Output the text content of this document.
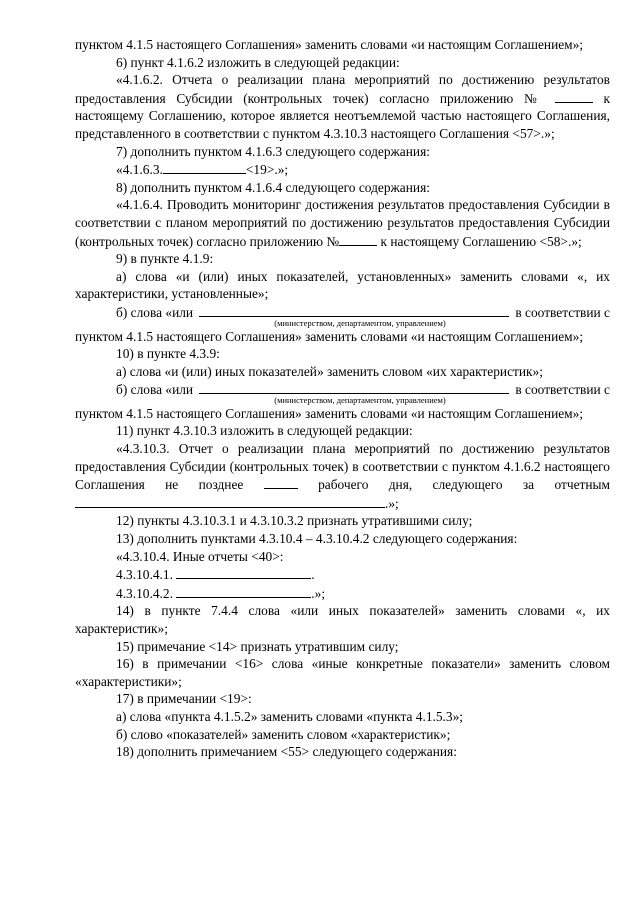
пунктом 4.1.5 настоящего Соглашения» заменить словами «и настоящим Соглашением»;

6) пункт 4.1.6.2 изложить в следующей редакции:

«4.1.6.2. Отчета о реализации плана мероприятий по достижению результатов предоставления Субсидии (контрольных точек) согласно приложению №	к настоящему Соглашению, которое является неотъемлемой частью настоящего Соглашения, представленного в соответствии с пунктом 4.3.10.3 настоящего Соглашения <57>.»;

7) дополнить пунктом 4.1.6.3 следующего содержания:

«4.1.6.3.	<19>.»;

8) дополнить пунктом 4.1.6.4 следующего содержания:

«4.1.6.4. Проводить мониторинг достижения результатов предоставления Субсидии в соответствии с планом мероприятий по достижению результатов предоставления Субсидии (контрольных точек) согласно приложению №	к настоящему Соглашению <58>.»;

9) в пункте 4.1.9:

а) слова «и (или) иных показателей, установленных» заменить словами «, их характеристики, установленные»;

б) слова «или	в соответствии с

(министерством, департаментом, управлением)

пунктом 4.1.5 настоящего Соглашения» заменить словами «и настоящим Соглашением»;

10) в пункте 4.3.9:

а) слова «и (или) иных показателей» заменить словом «их характеристик»;

б) слова «или	в соответствии с

(министерством, департаментом, управлением)

пунктом 4.1.5 настоящего Соглашения» заменить словами «и настоящим Соглашением»;

11) пункт 4.3.10.3 изложить в следующей редакции:

«4.3.10.3. Отчет о реализации плана мероприятий по достижению результатов предоставления Субсидии (контрольных точек) в соответствии с пунктом 4.1.6.2 настоящего Соглашения не позднее	рабочего дня, следующего за отчетным .»;

12) пункты 4.3.10.3.1 и 4.3.10.3.2 признать утратившими силу;

13) дополнить пунктами 4.3.10.4 – 4.3.10.4.2 следующего содержания:

«4.3.10.4. Иные отчеты <40>:

4.3.10.4.1.	.

4.3.10.4.2.	.»;

14) в пункте 7.4.4 слова «или иных показателей» заменить словами «, их характеристик»;

15) примечание <14> признать утратившим силу;

16) в примечании <16> слова «иные конкретные показатели» заменить словом «характеристики»;

17) в примечании <19>:

а) слова «пункта 4.1.5.2» заменить словами «пункта 4.1.5.3»;

б) слово «показателей» заменить словом «характеристик»;

18) дополнить примечанием <55> следующего содержания:
